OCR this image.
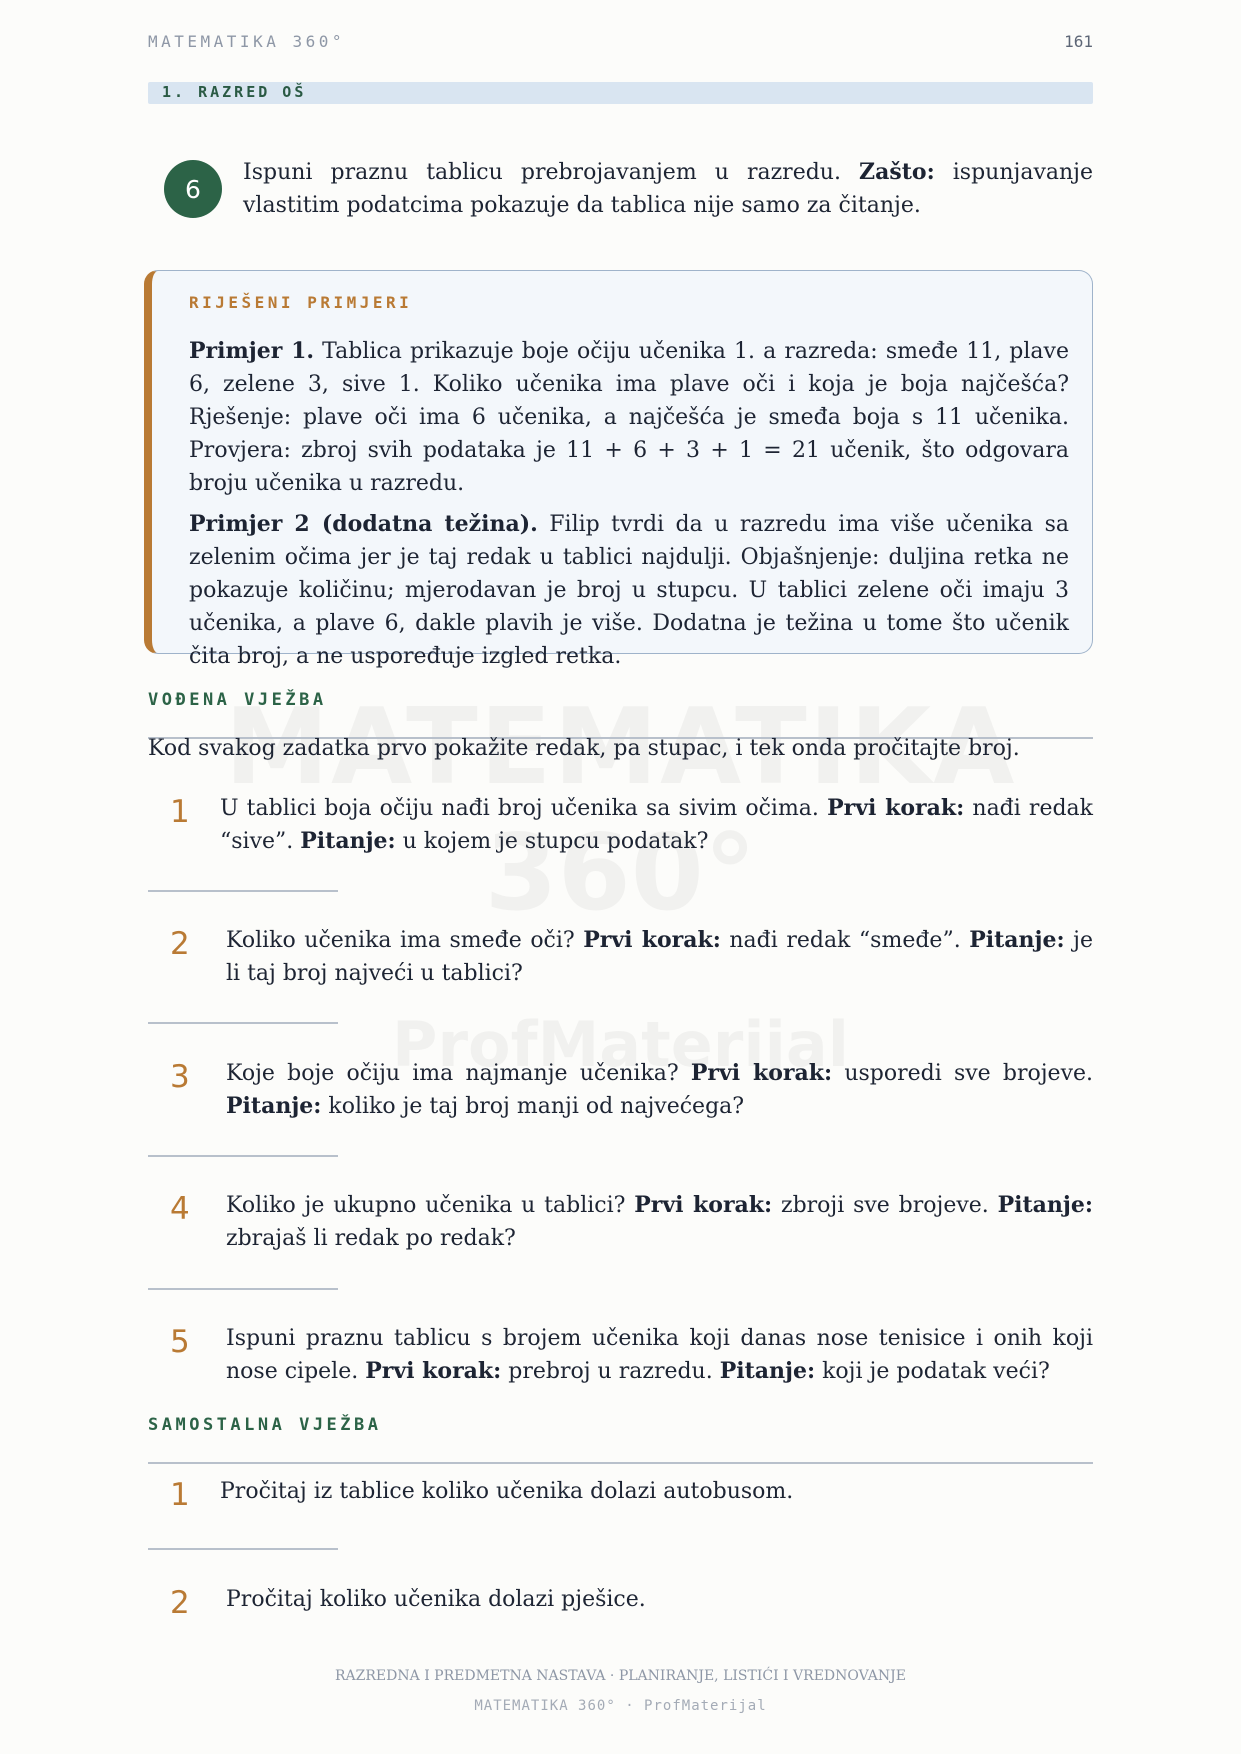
MATEMATIKA 360°	161
1. RAZRED OŠ
6
Ispuni praznu tablicu prebrojavanjem u razredu. Zašto: ispunjavanje vlastitim podatcima pokazuje da tablica nije samo za čitanje.
RIJEŠENI PRIMJERI

Primjer 1. Tablica prikazuje boje očiju učenika 1. a razreda: smeđe 11, plave 6, zelene 3, sive 1. Koliko učenika ima plave oči i koja je boja najčešća? Rješenje: plave oči ima 6 učenika, a najčešća je smeđa boja s 11 učenika. Provjera: zbroj svih podataka je 11 + 6 + 3 + 1 = 21 učenik, što odgovara broju učenika u razredu.

Primjer 2 (dodatna težina). Filip tvrdi da u razredu ima više učenika sa zelenim očima jer je taj redak u tablici najdulji. Objašnjenje: duljina retka ne pokazuje količinu; mjerodavan je broj u stupcu. U tablici zelene oči imaju 3 učenika, a plave 6, dakle plavih je više. Dodatna je težina u tome što učenik čita broj, a ne uspoređuje izgled retka.

VOĐENA VJEŽBA
Kod svakog zadatka prvo pokažite redak, pa stupac, i tek onda pročitajte broj.
1 U tablici boja očiju nađi broj učenika sa sivim očima. Prvi korak: nađi redak “sive”. Pitanje: u kojem je stupcu podatak?
2 Koliko učenika ima smeđe oči? Prvi korak: nađi redak “smeđe”. Pitanje: je li taj broj najveći u tablici?
3 Koje boje očiju ima najmanje učenika? Prvi korak: usporedi sve brojeve. Pitanje: koliko je taj broj manji od najvećega?
4 Koliko je ukupno učenika u tablici? Prvi korak: zbroji sve brojeve. Pitanje: zbrajaš li redak po redak?
5 Ispuni praznu tablicu s brojem učenika koji danas nose tenisice i onih koji nose cipele. Prvi korak: prebroj u razredu. Pitanje: koji je podatak veći?
SAMOSTALNA VJEŽBA
1 Pročitaj iz tablice koliko učenika dolazi autobusom.
2 Pročitaj koliko učenika dolazi pješice.
RAZREDNA I PREDMETNA NASTAVA · PLANIRANJE, LISTIĆI I VREDNOVANJE
MATEMATIKA 360° · ProfMaterijal
